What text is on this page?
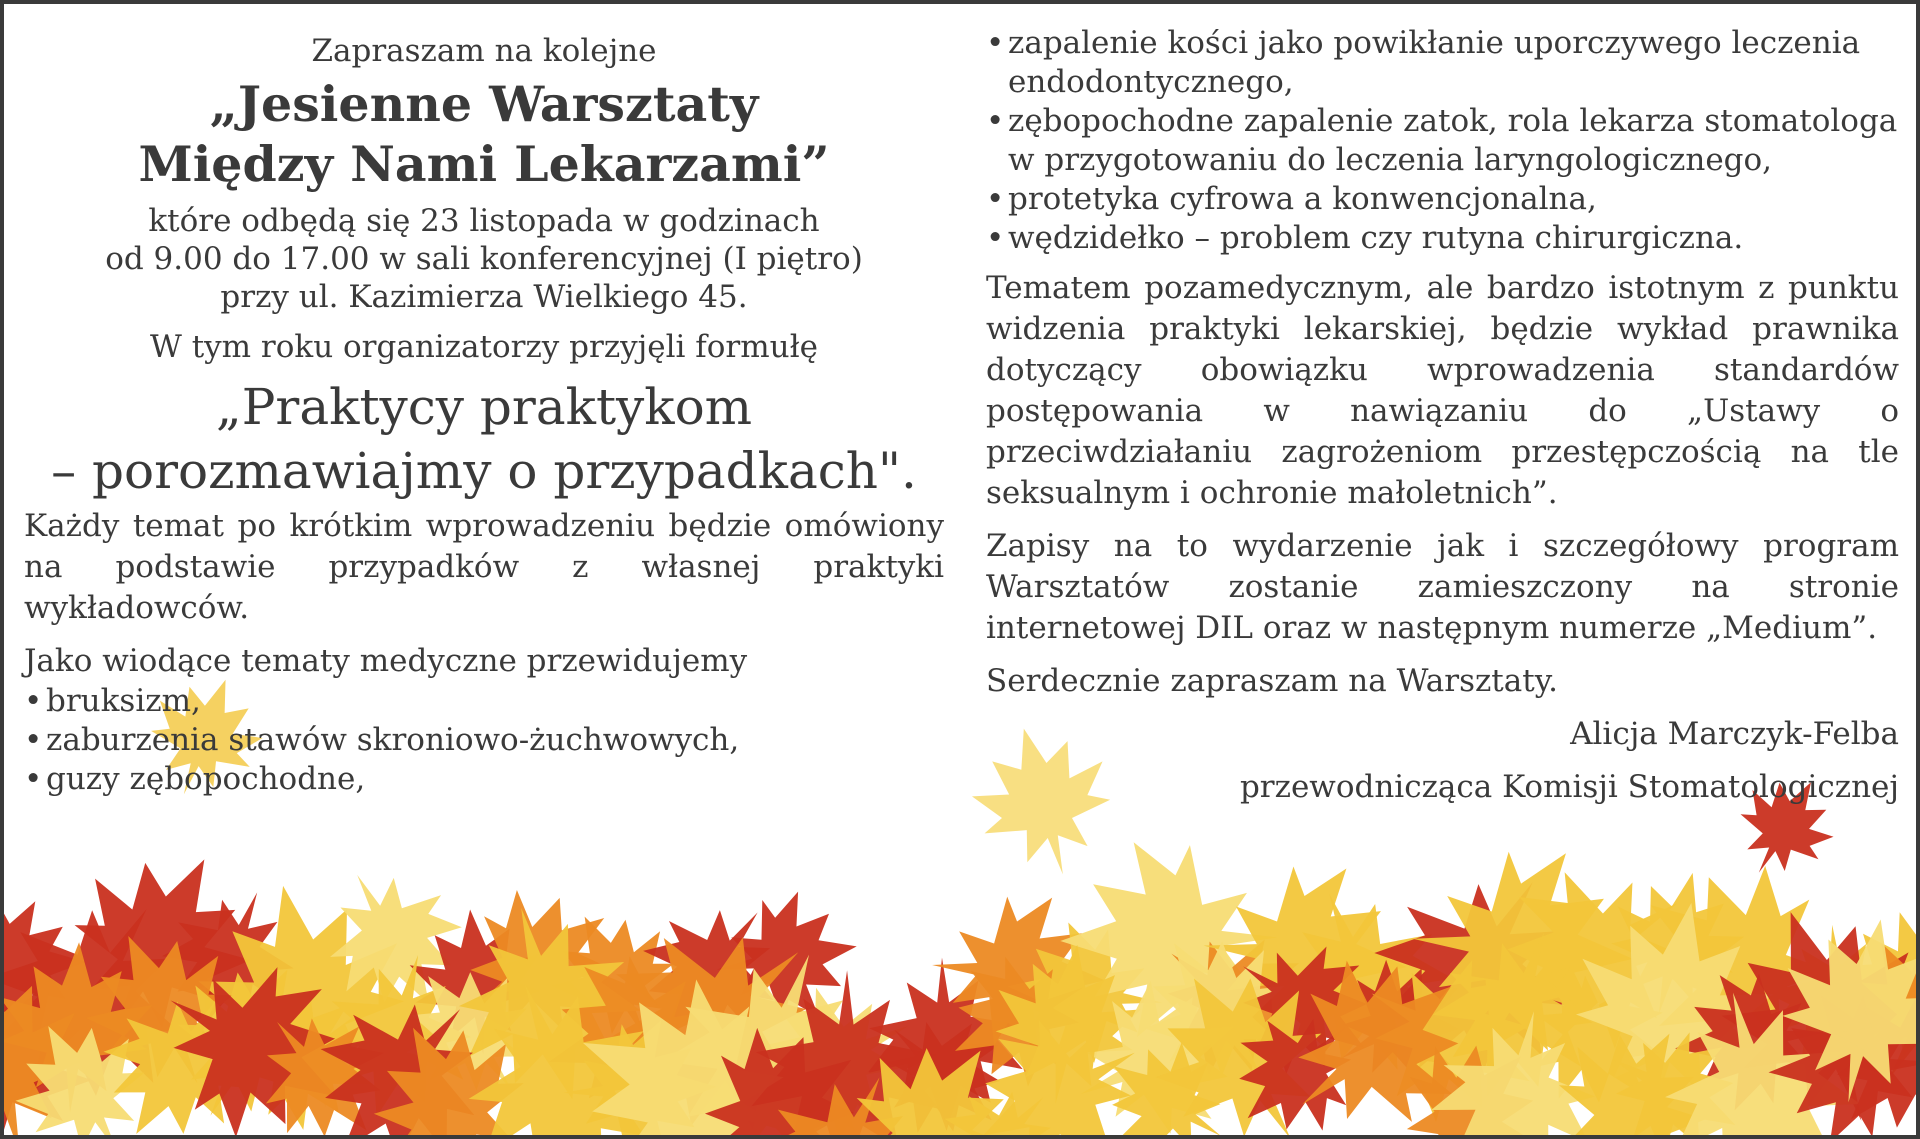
Zapraszam na kolejne

„Jesienne Warsztaty

Między Nami Lekarzami”

które odbędą się 23 listopada w godzinach

od 9.00 do 17.00 w sali konferencyjnej (I piętro)

przy ul. Kazimierza Wielkiego 45.

W tym roku organizatorzy przyjęli formułę

„Praktycy praktykom

– porozmawiajmy o przypadkach".

Każdy temat po krótkim wprowadzeniu będzie omówiony na podstawie przypadków z własnej praktyki wykładowców.

Jako wiodące tematy medyczne przewidujemy

• bruksizm,
• zaburzenia stawów skroniowo-żuchwowych,
• guzy zębopochodne,
• zapalenie kości jako powikłanie uporczywego leczenia endodontycznego,
• zębopochodne zapalenie zatok, rola lekarza stomatologa w przygotowaniu do leczenia laryngologicznego,
• protetyka cyfrowa a konwencjonalna,
• wędzidełko – problem czy rutyna chirurgiczna.

Tematem pozamedycznym, ale bardzo istotnym z punktu widzenia praktyki lekarskiej, będzie wykład prawnika dotyczący obowiązku wprowadzenia standardów postępowania w nawiązaniu do „Ustawy o przeciwdziałaniu zagrożeniom przestępczością na tle seksualnym i ochronie małoletnich”.

Zapisy na to wydarzenie jak i szczegółowy program Warsztatów zostanie zamieszczony na stronie internetowej DIL oraz w następnym numerze „Medium”.

Serdecznie zapraszam na Warsztaty.

Alicja Marczyk-Felba

przewodnicząca Komisji Stomatologicznej
